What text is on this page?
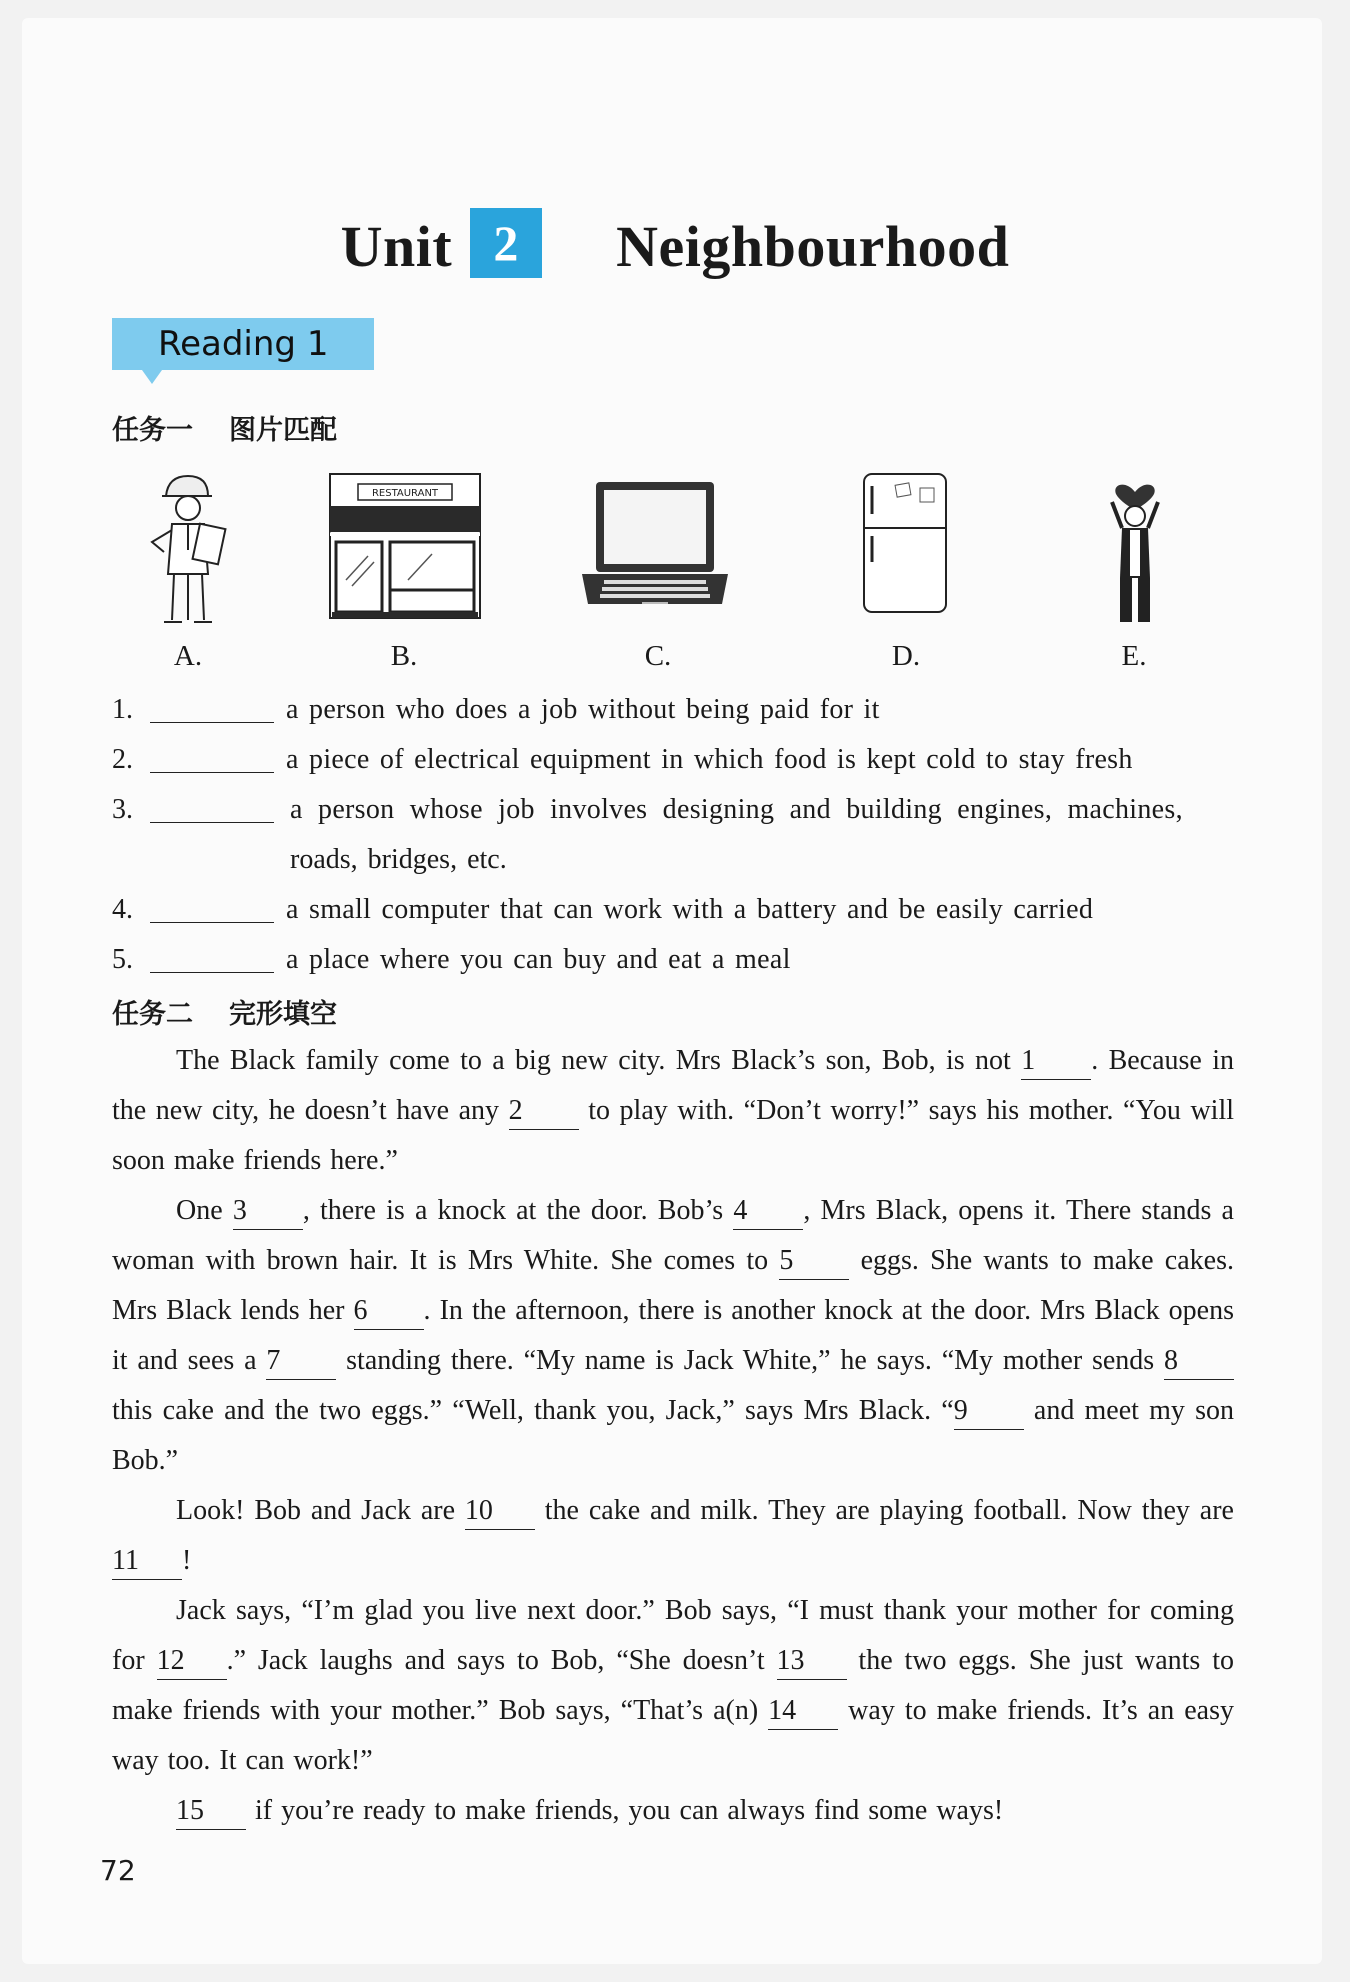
Unit 2 Neighbourhood
Reading 1
任务一 图片匹配
RESTAURANT
A.	B.	C.	D.	E.
1.	a person who does a job without being paid for it
2.	a piece of electrical equipment in which food is kept cold to stay fresh
3.	a person whose job involves designing and building engines, machines,
roads, bridges, etc.
4.	a small computer that can work with a battery and be easily carried
5.	a place where you can buy and eat a meal
任务二 完形填空

The Black family come to a big new city. Mrs Black’s son, Bob, is not 1 . Because in the new city, he doesn’t have any 2 to play with. “Don’t worry!” says his mother. “You will soon make friends here.”

One 3 , there is a knock at the door. Bob’s 4 , Mrs Black, opens it. There stands a woman with brown hair. It is Mrs White. She comes to 5 eggs. She wants to make cakes. Mrs Black lends her 6 . In the afternoon, there is another knock at the door. Mrs Black opens it and sees a 7 standing there. “My name is Jack White,” he says. “My mother sends 8 this cake and the two eggs.” “Well, thank you, Jack,” says Mrs Black. “9 and meet my son Bob.”

Look! Bob and Jack are 10 the cake and milk. They are playing football. Now they are 11 !

Jack says, “I’m glad you live next door.” Bob says, “I must thank your mother for coming for 12 .” Jack laughs and says to Bob, “She doesn’t 13 the two eggs. She just wants to make friends with your mother.” Bob says, “That’s a(n) 14 way to make friends. It’s an easy way too. It can work!”

15 if you’re ready to make friends, you can always find some ways!

72
